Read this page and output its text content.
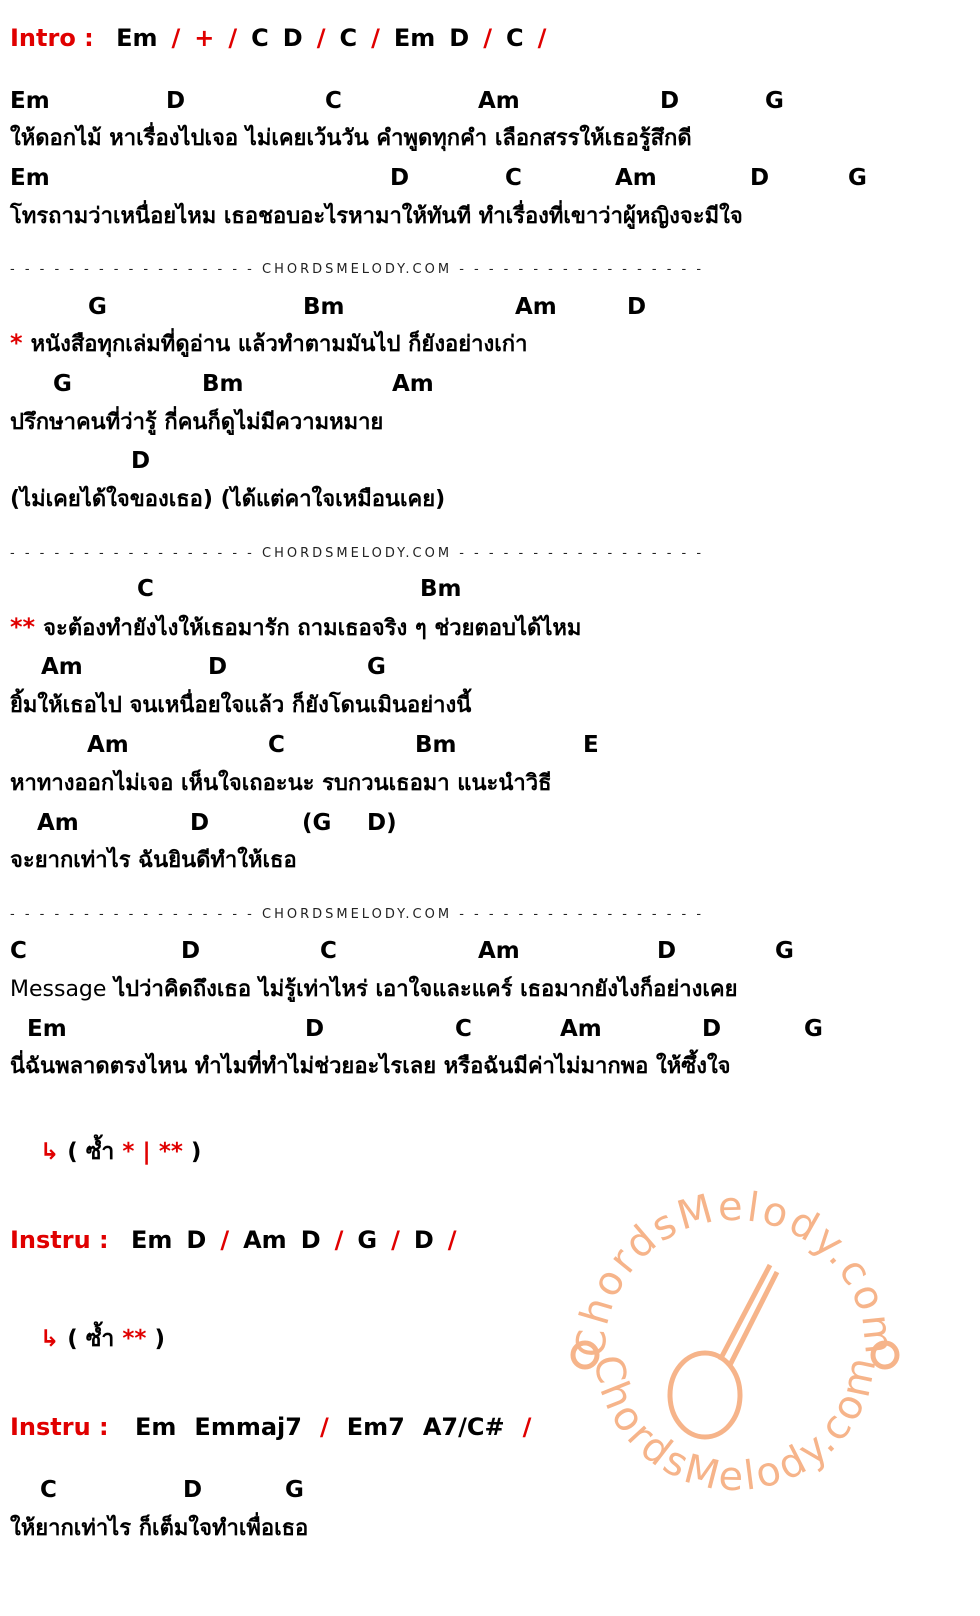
Intro : Em / + / C D / C / Em D / C /
↳ ( ซ้ำ * | ** )
Instru : Em D / Am D / G / D /
↳ ( ซ้ำ ** )
Instru : Em Emmaj7 / Em7 A7/C# /
ChordsMelody.com
ChordsMelody.com
Em	D	C	Am	D	G
ให้ดอกไม้ หาเรื่องไปเจอ ไม่เคยเว้นวัน คำพูดทุกคำ เลือกสรรให้เธอรู้สึกดี
Em	D	C	Am	D	G
โทรถามว่าเหนื่อยไหม เธอชอบอะไรหามาให้ทันที ทำเรื่องที่เขาว่าผู้หญิงจะมีใจ
G	Bm	Am	D
* หนังสือทุกเล่มที่ดูอ่าน แล้วทำตามมันไป ก็ยังอย่างเก่า
G	Bm	Am
ปรึกษาคนที่ว่ารู้ กี่คนก็ดูไม่มีความหมาย
D
(ไม่เคยได้ใจของเธอ) (ได้แต่คาใจเหมือนเคย)
C	Bm
** จะต้องทำยังไงให้เธอมารัก ถามเธอจริง ๆ ช่วยตอบได้ไหม
Am	D	G
ยิ้มให้เธอไป จนเหนื่อยใจแล้ว ก็ยังโดนเมินอย่างนี้
Am	C	Bm	E
หาทางออกไม่เจอ เห็นใจเถอะนะ รบกวนเธอมา แนะนำวิธี
Am	D	(G D)
จะยากเท่าไร ฉันยินดีทำให้เธอ
C	D	C	Am	D	G
Message ไปว่าคิดถึงเธอ ไม่รู้เท่าไหร่ เอาใจและแคร์ เธอมากยังไงก็อย่างเคย
Em	D	C	Am	D	G
นี่ฉันพลาดตรงไหน ทำไมที่ทำไม่ช่วยอะไรเลย หรือฉันมีค่าไม่มากพอ ให้ซึ้งใจ
C	D	G
ให้ยากเท่าไร ก็เต็มใจทำเพื่อเธอ
- - - - - - - - - - - - - - - - - CHORDSMELODY.COM - - - - - - - - - - - - - - - - -
- - - - - - - - - - - - - - - - - CHORDSMELODY.COM - - - - - - - - - - - - - - - - -
- - - - - - - - - - - - - - - - - CHORDSMELODY.COM - - - - - - - - - - - - - - - - -
